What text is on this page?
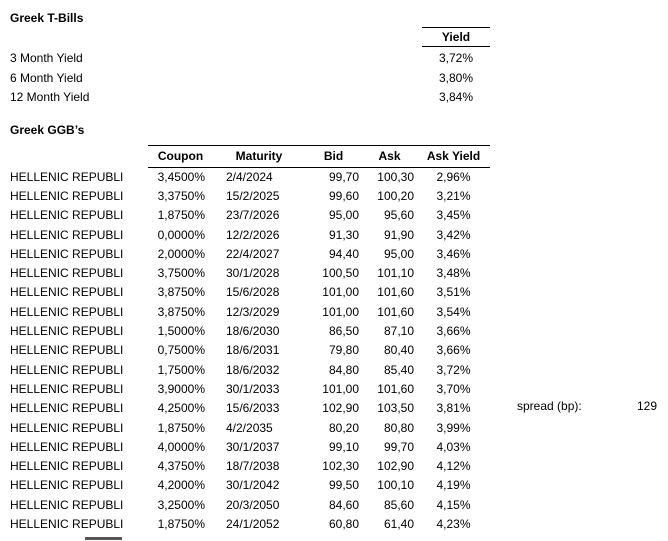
Greek T-Bills
Yield
3 Month Yield	3,72%
6 Month Yield	3,80%
12 Month Yield	3,84%
Greek GGB’s
	Coupon	Maturity	Bid	Ask	Ask Yield
HELLENIC REPUBLI	3,4500%	2/4/2024	99,70	100,30	2,96%
HELLENIC REPUBLI	3,3750%	15/2/2025	99,60	100,20	3,21%
HELLENIC REPUBLI	1,8750%	23/7/2026	95,00	95,60	3,45%
HELLENIC REPUBLI	0,0000%	12/2/2026	91,30	91,90	3,42%
HELLENIC REPUBLI	2,0000%	22/4/2027	94,40	95,00	3,46%
HELLENIC REPUBLI	3,7500%	30/1/2028	100,50	101,10	3,48%
HELLENIC REPUBLI	3,8750%	15/6/2028	101,00	101,60	3,51%
HELLENIC REPUBLI	3,8750%	12/3/2029	101,00	101,60	3,54%
HELLENIC REPUBLI	1,5000%	18/6/2030	86,50	87,10	3,66%
HELLENIC REPUBLI	0,7500%	18/6/2031	79,80	80,40	3,66%
HELLENIC REPUBLI	1,7500%	18/6/2032	84,80	85,40	3,72%
HELLENIC REPUBLI	3,9000%	30/1/2033	101,00	101,60	3,70%
HELLENIC REPUBLI	4,2500%	15/6/2033	102,90	103,50	3,81%
HELLENIC REPUBLI	1,8750%	4/2/2035	80,20	80,80	3,99%
HELLENIC REPUBLI	4,0000%	30/1/2037	99,10	99,70	4,03%
HELLENIC REPUBLI	4,3750%	18/7/2038	102,30	102,90	4,12%
HELLENIC REPUBLI	4,2000%	30/1/2042	99,50	100,10	4,19%
HELLENIC REPUBLI	3,2500%	20/3/2050	84,60	85,60	4,15%
HELLENIC REPUBLI	1,8750%	24/1/2052	60,80	61,40	4,23%
spread (bp):	129
